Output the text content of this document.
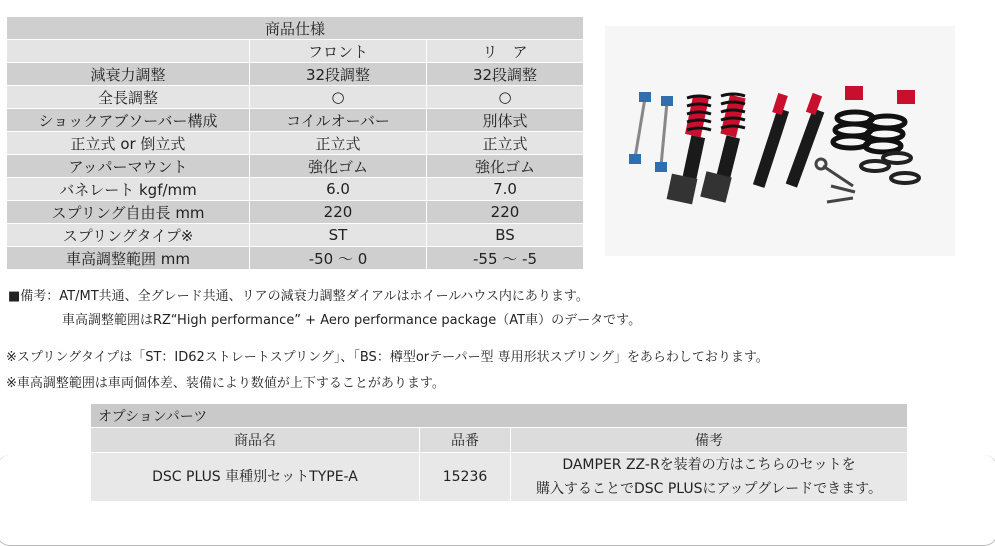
商品仕様		
	フロント	リ　ア
減衰力調整	32段調整	32段調整
全長調整	○	○
ショックアブソーバー構成	コイルオーバー	別体式
正立式 or 倒立式	正立式	正立式
アッパーマウント	強化ゴム	強化ゴム
バネレート kgf/mm	6.0	7.0
スプリング自由長 mm	220	220
スプリングタイプ※	ST	BS
車高調整範囲 mm	-50 ～ 0	-55 ～ -5
■備考：AT/MT共通、全グレード共通、リアの減衰力調整ダイアルはホイールハウス内にあります。
車高調整範囲はRZ“High performance” + Aero performance package（AT車）のデータです。
※スプリングタイプは「ST：ID62ストレートスプリング」、「BS：樽型orテーパー型 専用形状スプリング」をあらわしております。
※車高調整範囲は車両個体差、装備により数値が上下することがあります。
オプションパーツ		
商品名	品番	備考
DSC PLUS 車種別セットTYPE-A	15236	DAMPER ZZ-Rを装着の方はこちらのセットを
購入することでDSC PLUSにアップグレードできます。
